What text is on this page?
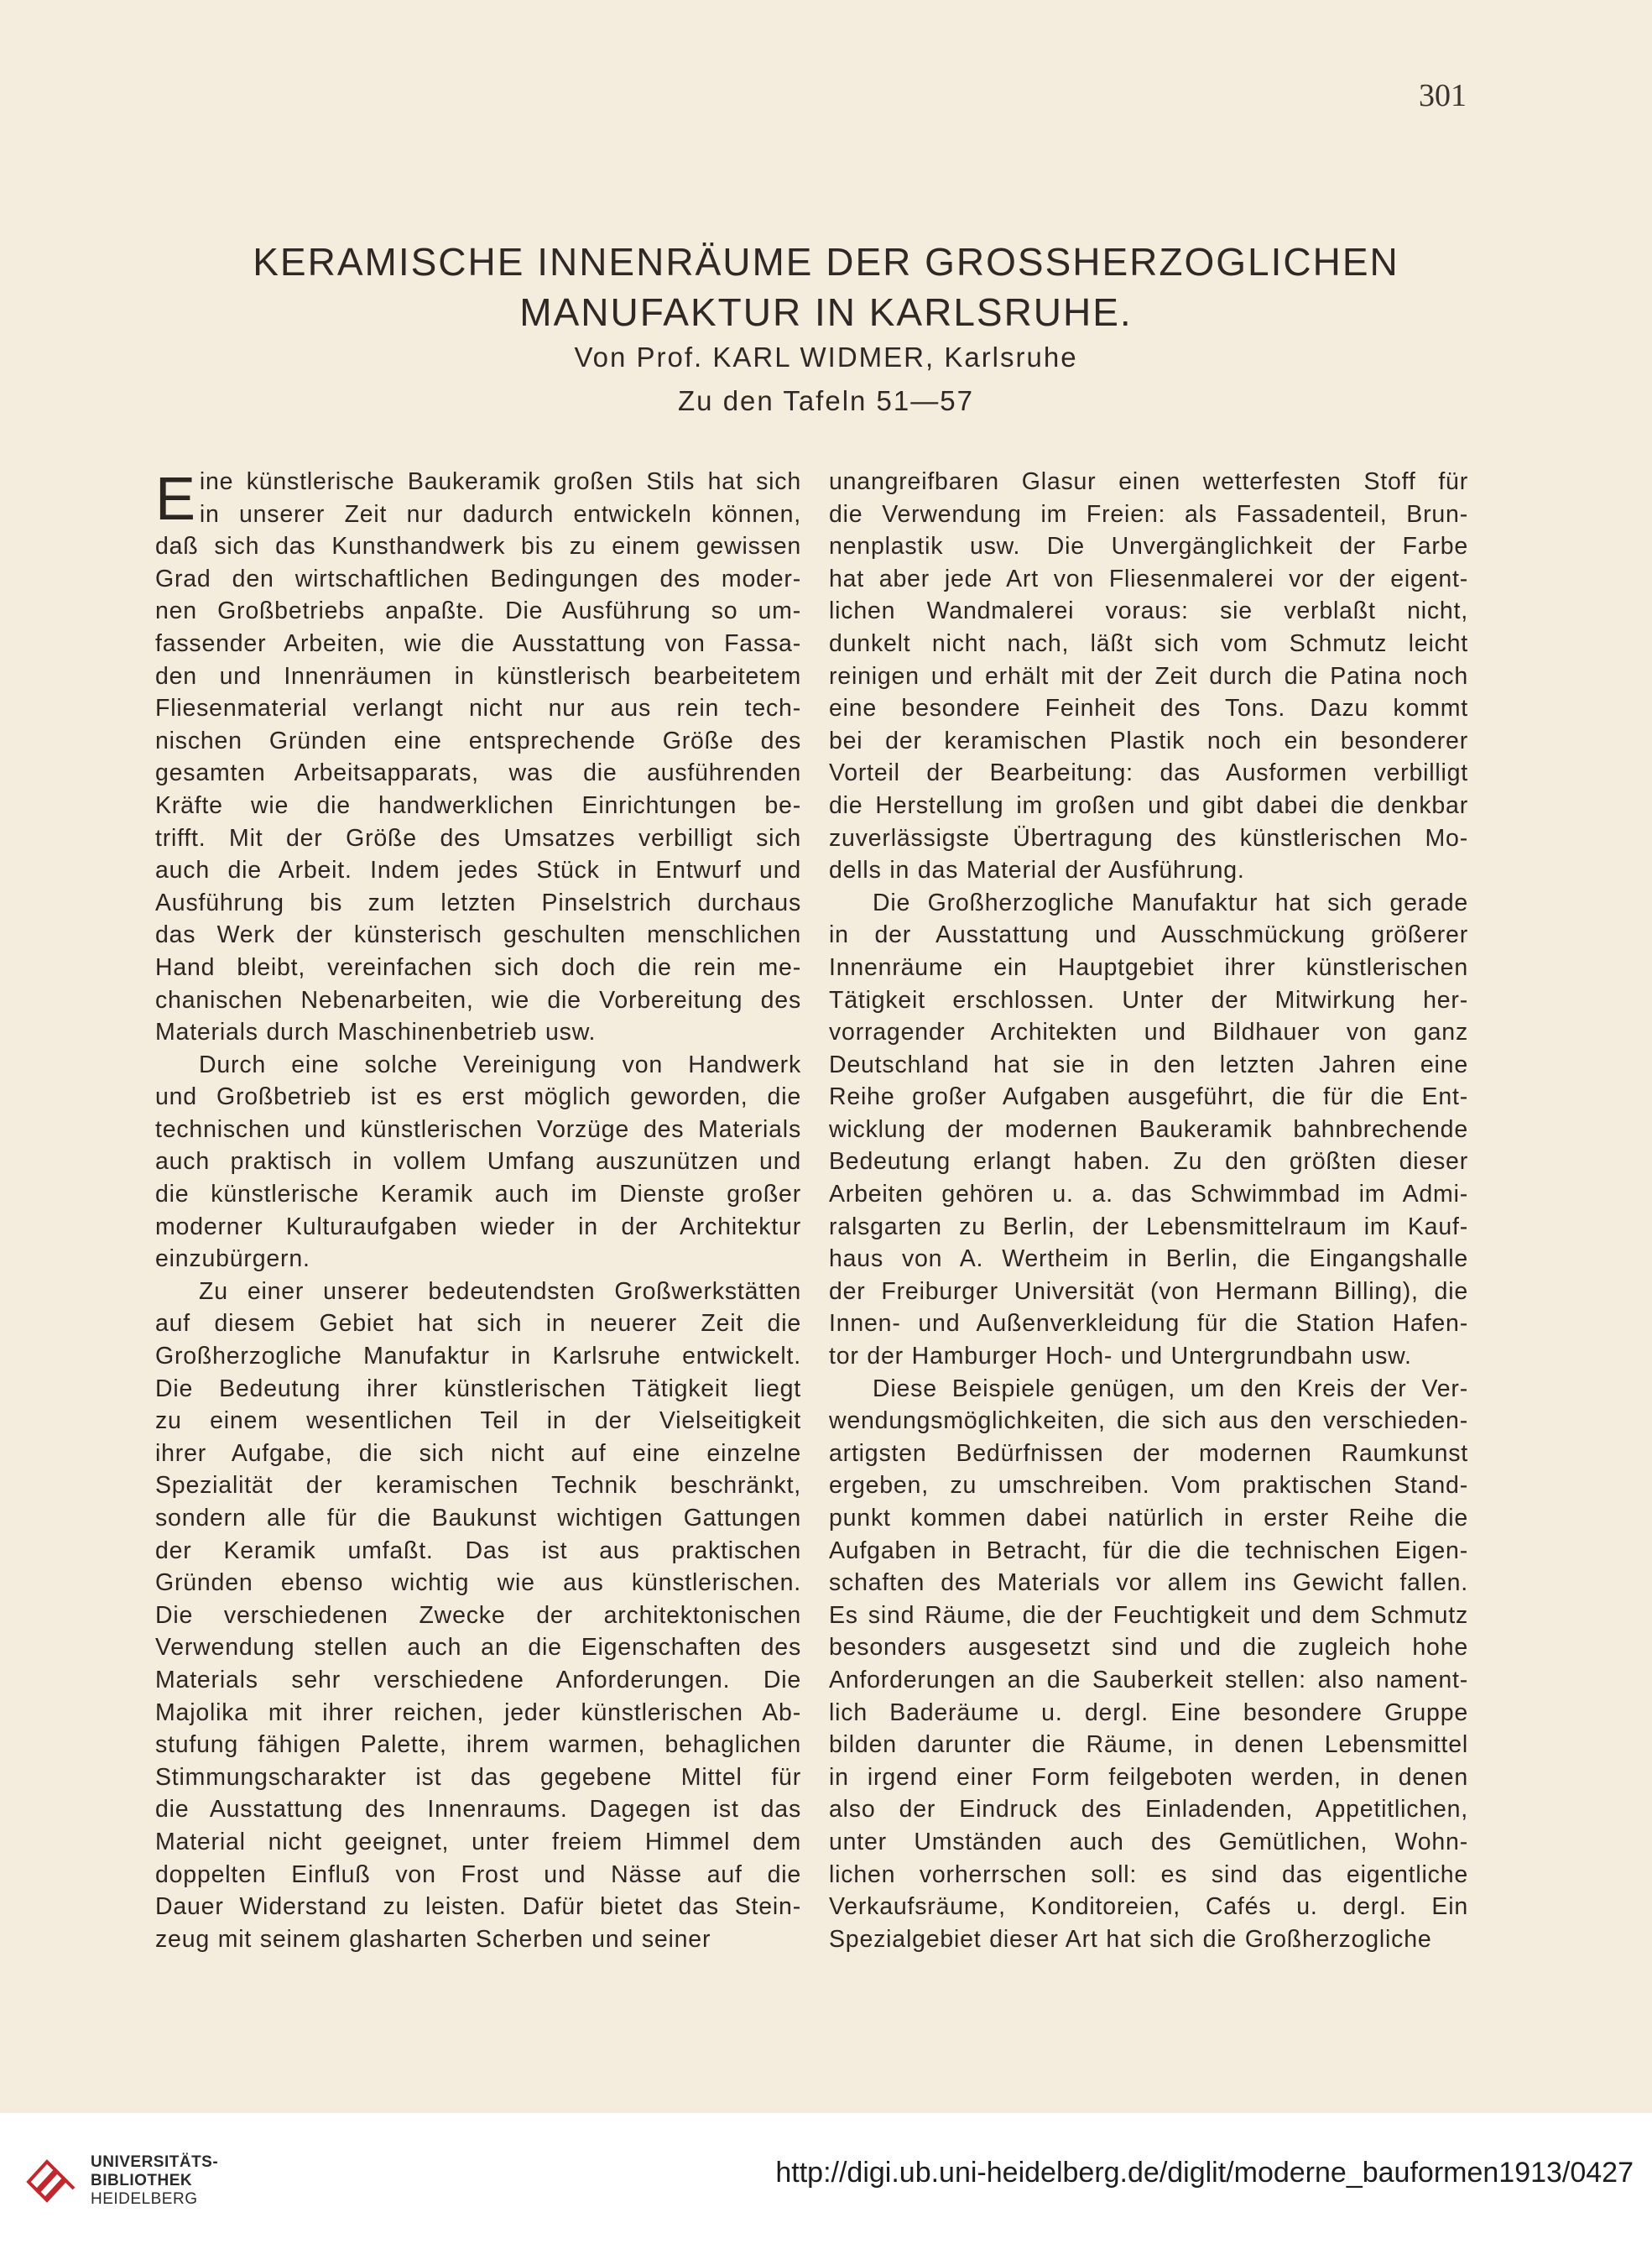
301

KERAMISCHE INNENRÄUME DER GROSSHERZOGLICHEN

MANUFAKTUR IN KARLSRUHE.

Von Prof. KARL WIDMER, Karlsruhe

Zu den Tafeln 51—57

E ine künstlerische Baukeramik großen Stils hat sich
in unserer Zeit nur dadurch entwickeln können,
daß sich das Kunsthandwerk bis zu einem gewissen
Grad den wirtschaftlichen Bedingungen des moder-
nen Großbetriebs anpaßte. Die Ausführung so um-
fassender Arbeiten, wie die Ausstattung von Fassa-
den und Innenräumen in künstlerisch bearbeitetem
Fliesenmaterial verlangt nicht nur aus rein tech-
nischen Gründen eine entsprechende Größe des
gesamten Arbeitsapparats, was die ausführenden
Kräfte wie die handwerklichen Einrichtungen be-
trifft. Mit der Größe des Umsatzes verbilligt sich
auch die Arbeit. Indem jedes Stück in Entwurf und
Ausführung bis zum letzten Pinselstrich durchaus
das Werk der künsterisch geschulten menschlichen
Hand bleibt, vereinfachen sich doch die rein me-
chanischen Nebenarbeiten, wie die Vorbereitung des
Materials durch Maschinenbetrieb usw.
Durch eine solche Vereinigung von Handwerk
und Großbetrieb ist es erst möglich geworden, die
technischen und künstlerischen Vorzüge des Materials
auch praktisch in vollem Umfang auszunützen und
die künstlerische Keramik auch im Dienste großer
moderner Kulturaufgaben wieder in der Architektur
einzubürgern.
Zu einer unserer bedeutendsten Großwerkstätten
auf diesem Gebiet hat sich in neuerer Zeit die
Großherzogliche Manufaktur in Karlsruhe entwickelt.
Die Bedeutung ihrer künstlerischen Tätigkeit liegt
zu einem wesentlichen Teil in der Vielseitigkeit
ihrer Aufgabe, die sich nicht auf eine einzelne
Spezialität der keramischen Technik beschränkt,
sondern alle für die Baukunst wichtigen Gattungen
der Keramik umfaßt. Das ist aus praktischen
Gründen ebenso wichtig wie aus künstlerischen.
Die verschiedenen Zwecke der architektonischen
Verwendung stellen auch an die Eigenschaften des
Materials sehr verschiedene Anforderungen. Die
Majolika mit ihrer reichen, jeder künstlerischen Ab-
stufung fähigen Palette, ihrem warmen, behaglichen
Stimmungscharakter ist das gegebene Mittel für
die Ausstattung des Innenraums. Dagegen ist das
Material nicht geeignet, unter freiem Himmel dem
doppelten Einfluß von Frost und Nässe auf die
Dauer Widerstand zu leisten. Dafür bietet das Stein-
zeug mit seinem glasharten Scherben und seiner
unangreifbaren Glasur einen wetterfesten Stoff für
die Verwendung im Freien: als Fassadenteil, Brun-
nenplastik usw. Die Unvergänglichkeit der Farbe
hat aber jede Art von Fliesenmalerei vor der eigent-
lichen Wandmalerei voraus: sie verblaßt nicht,
dunkelt nicht nach, läßt sich vom Schmutz leicht
reinigen und erhält mit der Zeit durch die Patina noch
eine besondere Feinheit des Tons. Dazu kommt
bei der keramischen Plastik noch ein besonderer
Vorteil der Bearbeitung: das Ausformen verbilligt
die Herstellung im großen und gibt dabei die denkbar
zuverlässigste Übertragung des künstlerischen Mo-
dells in das Material der Ausführung.
Die Großherzogliche Manufaktur hat sich gerade
in der Ausstattung und Ausschmückung größerer
Innenräume ein Hauptgebiet ihrer künstlerischen
Tätigkeit erschlossen. Unter der Mitwirkung her-
vorragender Architekten und Bildhauer von ganz
Deutschland hat sie in den letzten Jahren eine
Reihe großer Aufgaben ausgeführt, die für die Ent-
wicklung der modernen Baukeramik bahnbrechende
Bedeutung erlangt haben. Zu den größten dieser
Arbeiten gehören u. a. das Schwimmbad im Admi-
ralsgarten zu Berlin, der Lebensmittelraum im Kauf-
haus von A. Wertheim in Berlin, die Eingangshalle
der Freiburger Universität (von Hermann Billing), die
Innen- und Außenverkleidung für die Station Hafen-
tor der Hamburger Hoch- und Untergrundbahn usw.
Diese Beispiele genügen, um den Kreis der Ver-
wendungsmöglichkeiten, die sich aus den verschieden-
artigsten Bedürfnissen der modernen Raumkunst
ergeben, zu umschreiben. Vom praktischen Stand-
punkt kommen dabei natürlich in erster Reihe die
Aufgaben in Betracht, für die die technischen Eigen-
schaften des Materials vor allem ins Gewicht fallen.
Es sind Räume, die der Feuchtigkeit und dem Schmutz
besonders ausgesetzt sind und die zugleich hohe
Anforderungen an die Sauberkeit stellen: also nament-
lich Baderäume u. dergl. Eine besondere Gruppe
bilden darunter die Räume, in denen Lebensmittel
in irgend einer Form feilgeboten werden, in denen
also der Eindruck des Einladenden, Appetitlichen,
unter Umständen auch des Gemütlichen, Wohn-
lichen vorherrschen soll: es sind das eigentliche
Verkaufsräume, Konditoreien, Cafés u. dergl. Ein
Spezialgebiet dieser Art hat sich die Großherzogliche
UNIVERSITÄTS-
BIBLIOTHEK
HEIDELBERG
http://digi.ub.uni-heidelberg.de/diglit/moderne_bauformen1913/0427
